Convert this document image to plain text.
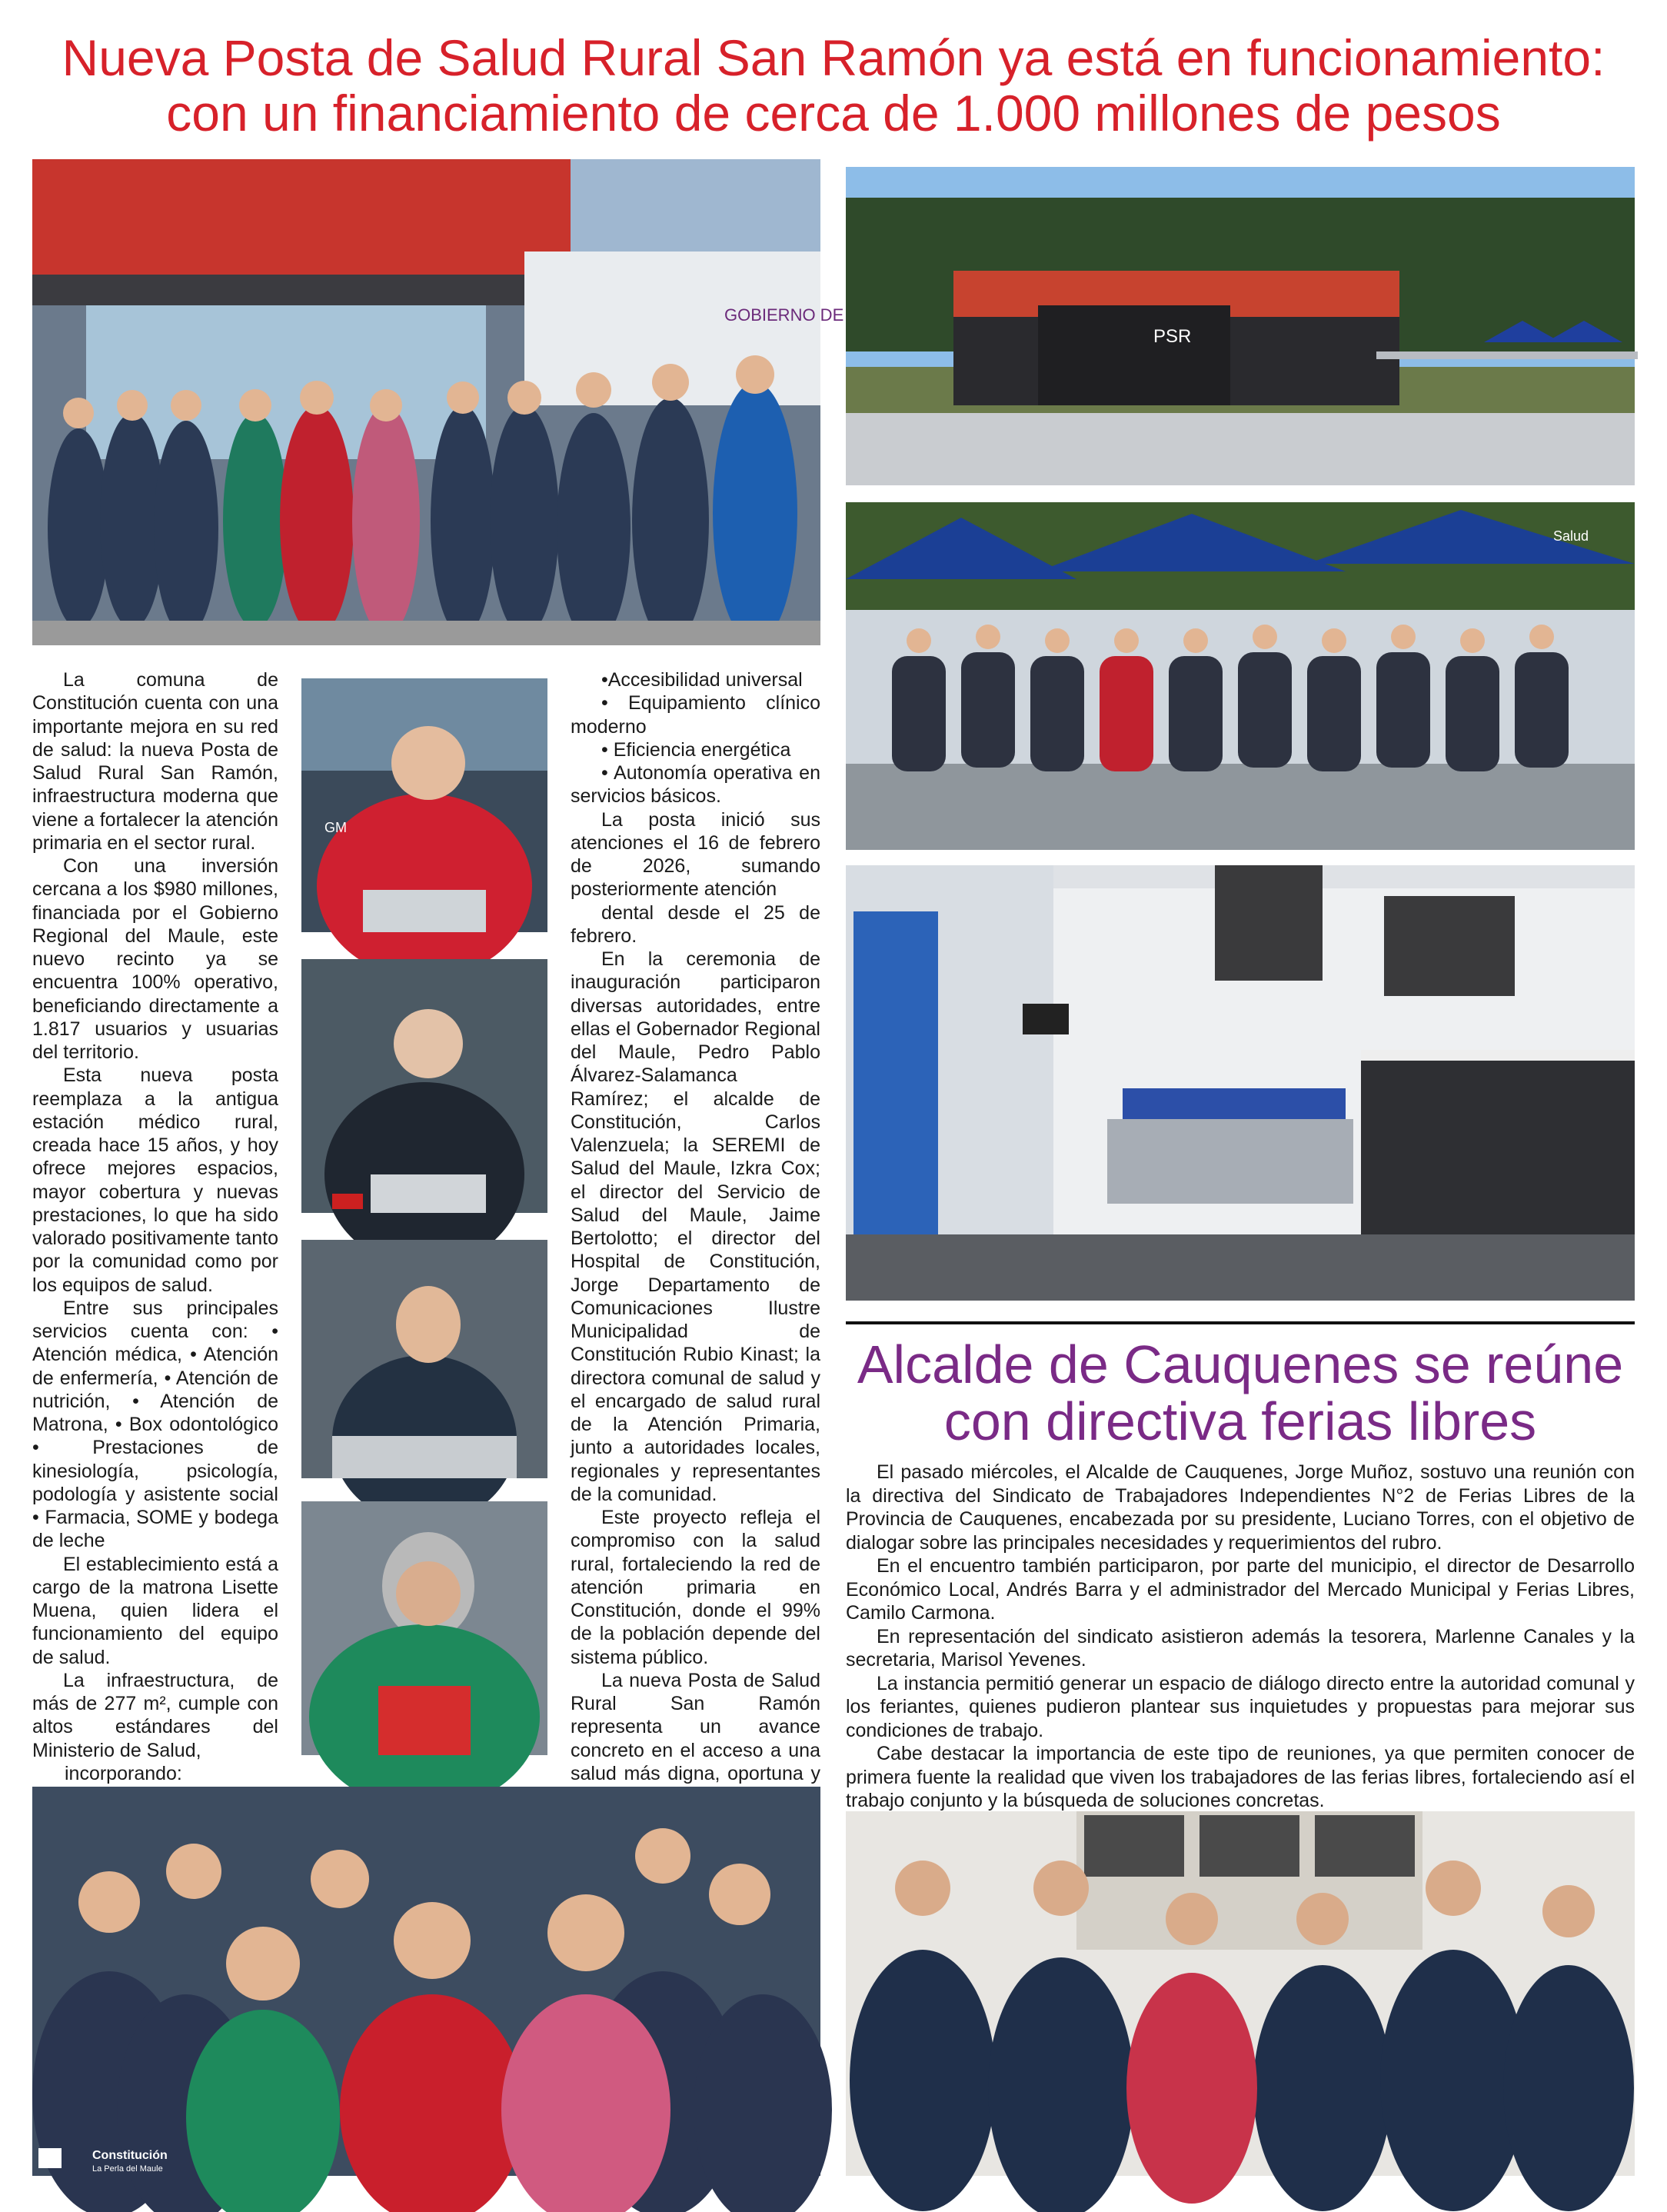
Nueva Posta de Salud Rural San Ramón ya está en funcionamiento:
con un financiamiento de cerca de 1.000 millones de pesos
GOBIERNO DE
PSR
Salud

La comuna de Constitución cuenta con una importante mejora en su red de salud: la nueva Posta de Salud Rural San Ramón, infraestructura moderna que viene a fortalecer la atención primaria en el sector rural.

Con una inversión cercana a los $980 millones, financiada por el Gobierno Regional del Maule, este nuevo recinto ya se encuentra 100% operativo, beneficiando directamente a 1.817 usuarios y usuarias del territorio.

Esta nueva posta reemplaza a la antigua estación médico rural, creada hace 15 años, y hoy ofrece mejores espacios, mayor cobertura y nuevas prestaciones, lo que ha sido valorado positivamente tanto por la comunidad como por los equipos de salud.

Entre sus principales servicios cuenta con: • Atención médica, • Atención de enfermería, • Atención de nutrición, • Atención de Matrona, • Box odontológico • Prestaciones de kinesiología, psicología, podología y asistente social • Farmacia, SOME y bodega de leche

El establecimiento está a cargo de la matrona Lisette Muena, quien lidera el funcionamiento del equipo de salud.

La infraestructura, de más de 277 m², cumple con altos estándares del Ministerio de Salud,

incorporando:

GM
•Accesibilidad universal
• Equipamiento clínico moderno
• Eficiencia energética
• Autonomía operativa en servicios básicos.

La posta inició sus atenciones el 16 de febrero de 2026, sumando posteriormente atención

dental desde el 25 de febrero.

En la ceremonia de inauguración participaron diversas autoridades, entre ellas el Gobernador Regional del Maule, Pedro Pablo Álvarez-Salamanca Ramírez; el alcalde de Constitución, Carlos Valenzuela; la SEREMI de Salud del Maule, Izkra Cox; el director del Servicio de Salud del Maule, Jaime Bertolotto; el director del Hospital de Constitución, Jorge Departamento de Comunicaciones Ilustre Municipalidad de Constitución Rubio Kinast; la directora comunal de salud y el encargado de salud rural de la Atención Primaria, junto a autoridades locales, regionales y representantes de la comunidad.

Este proyecto refleja el compromiso con la salud rural, fortaleciendo la red de atención primaria en Constitución, donde el 99% de la población depende del sistema público.

La nueva Posta de Salud Rural San Ramón representa un avance concreto en el acceso a una salud más digna, oportuna y

Constitución
La Perla del Maule
Alcalde de Cauquenes se reúne
con directiva ferias libres

El pasado miércoles, el Alcalde de Cauquenes, Jorge Muñoz, sostuvo una reunión con la directiva del Sindicato de Trabajadores Independientes N°2 de Ferias Libres de la Provincia de Cauquenes, encabezada por su presidente, Luciano Torres, con el objetivo de dialogar sobre las principales necesidades y requerimientos del rubro.

En el encuentro también participaron, por parte del municipio, el director de Desarrollo Económico Local, Andrés Barra y el administrador del Mercado Municipal y Ferias Libres, Camilo Carmona.

En representación del sindicato asistieron además la tesorera, Marlenne Canales y la secretaria, Marisol Yevenes.

La instancia permitió generar un espacio de diálogo directo entre la autoridad comunal y los feriantes, quienes pudieron plantear sus inquietudes y propuestas para mejorar sus condiciones de trabajo.

Cabe destacar la importancia de este tipo de reuniones, ya que permiten conocer de primera fuente la realidad que viven los trabajadores de las ferias libres, fortaleciendo así el trabajo conjunto y la búsqueda de soluciones concretas.
